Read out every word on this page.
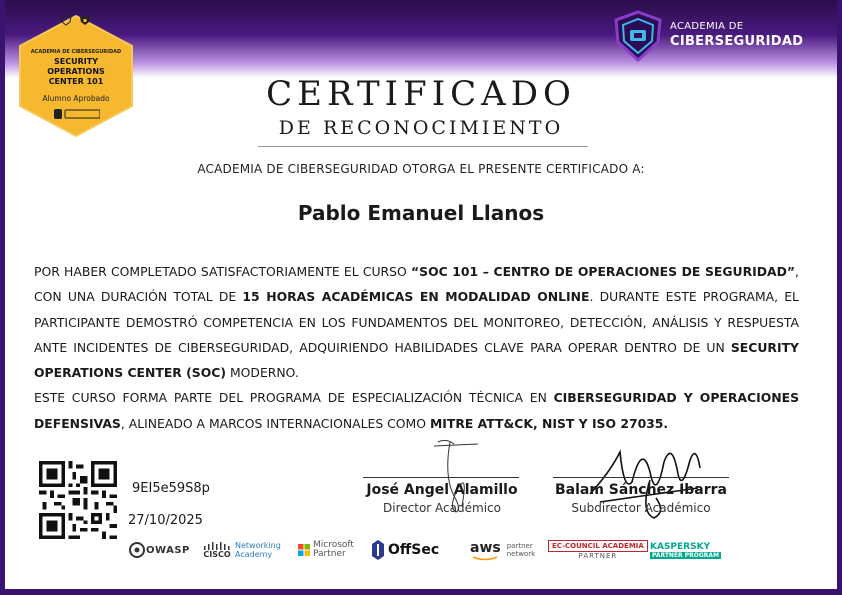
ACADEMIA DE CIBERSEGURIDAD
SECURITY OPERATIONS
CENTER 101
Alumno Aprobado
ACADEMIA DE
CIBERSEGURIDAD
CERTIFICADO
DE RECONOCIMIENTO
ACADEMIA DE CIBERSEGURIDAD OTORGA EL PRESENTE CERTIFICADO A:
Pablo Emanuel Llanos

POR HABER COMPLETADO SATISFACTORIAMENTE EL CURSO “SOC 101 – CENTRO DE OPERACIONES DE SEGURIDAD”, CON UNA DURACIÓN TOTAL DE 15 HORAS ACADÉMICAS EN MODALIDAD ONLINE. DURANTE ESTE PROGRAMA, EL PARTICIPANTE DEMOSTRÓ COMPETENCIA EN LOS FUNDAMENTOS DEL MONITOREO, DETECCIÓN, ANÁLISIS Y RESPUESTA ANTE INCIDENTES DE CIBERSEGURIDAD, ADQUIRIENDO HABILIDADES CLAVE PARA OPERAR DENTRO DE UN SECURITY OPERATIONS CENTER (SOC) MODERNO.

ESTE CURSO FORMA PARTE DEL PROGRAMA DE ESPECIALIZACIÓN TÉCNICA EN CIBERSEGURIDAD Y OPERACIONES DEFENSIVAS, ALINEADO A MARCOS INTERNACIONALES COMO MITRE ATT&CK, NIST Y ISO 27035.

9EI5e59S8p
27/10/2025
José Angel Alamillo
Director Académico
Balam Sánchez Ibarra
Subdirector Académico
OWASP CISCO
Networking
Academy
Microsoft
Partner	OffSec aws partner
network
EC-COUNCIL ACADEMIA
PARTNER
KASPERSKY
PARTNER PROGRAM
